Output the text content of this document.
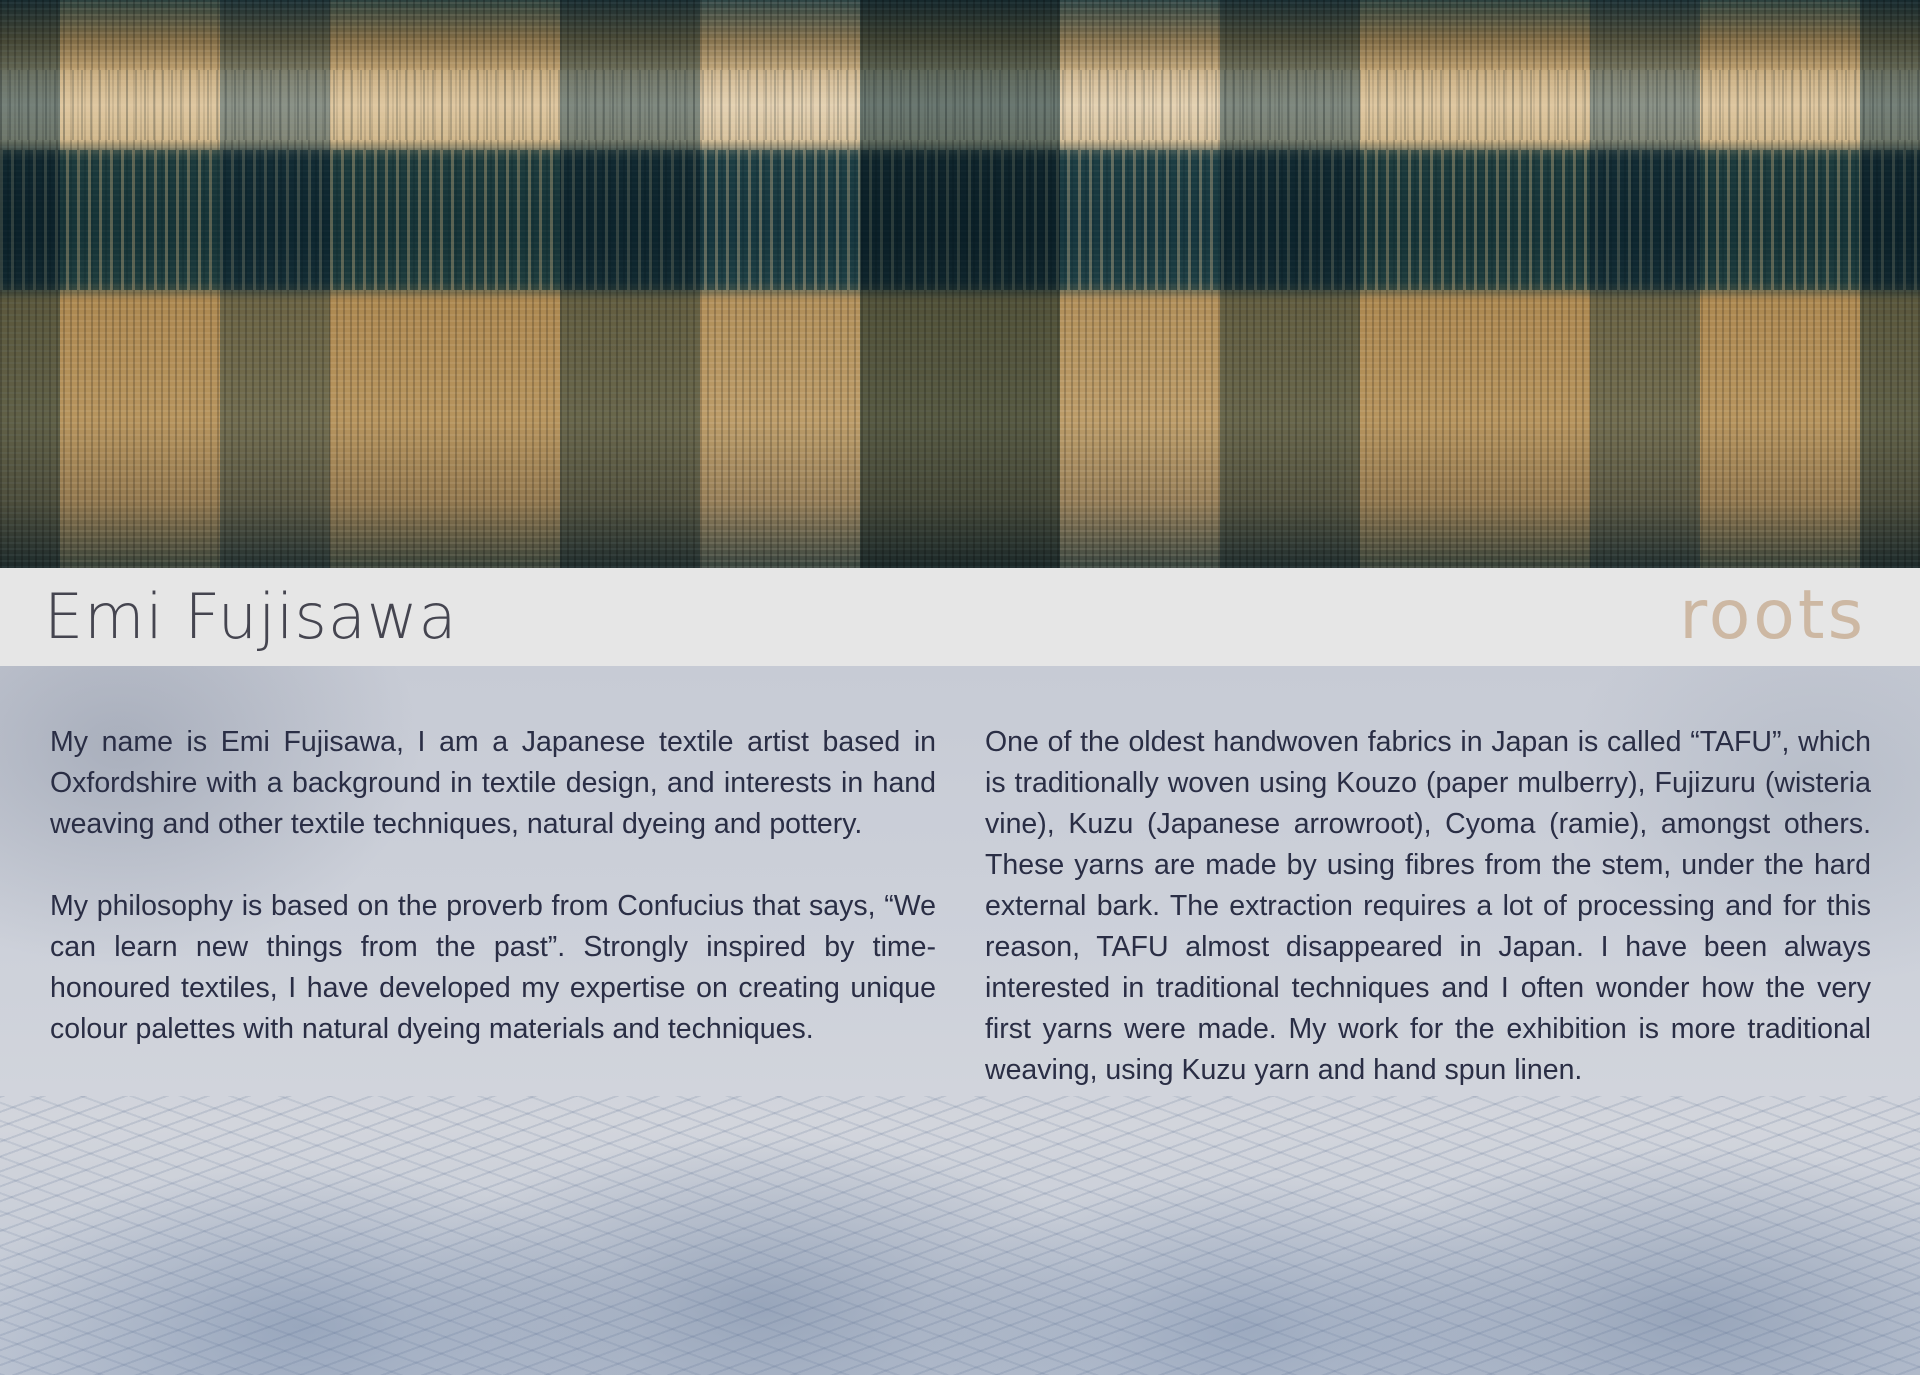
Emi Fujisawa	roots

My name is Emi Fujisawa, I am a Japanese textile artist based in Oxfordshire with a background in textile design, and interests in hand weaving and other textile techniques, natural dyeing and pottery.

My philosophy is based on the proverb from Confucius that says, “We can learn new things from the past”. Strongly inspired by time-honoured textiles, I have developed my expertise on creating unique colour palettes with natural dyeing materials and techniques.

One of the oldest handwoven fabrics in Japan is called “TAFU”, which is traditionally woven using Kouzo (paper mulberry), Fujizuru (wisteria vine), Kuzu (Japanese arrowroot), Cyoma (ramie), amongst others. These yarns are made by using fibres from the stem, under the hard external bark. The extraction requires a lot of processing and for this reason, TAFU almost disappeared in Japan. I have been always interested in traditional techniques and I often wonder how the very first yarns were made. My work for the exhibition is more traditional weaving, using Kuzu yarn and hand spun linen.
